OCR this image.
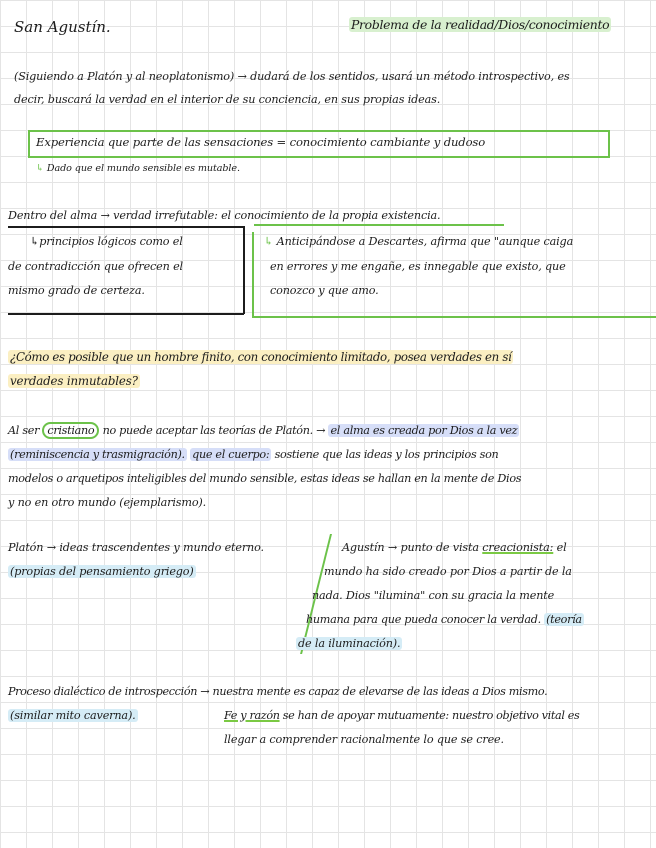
San Agustín.	Problema de la realidad/Dios/conocimiento
(Siguiendo a Platón y al neoplatonismo) → dudará de los sentidos, usará un método introspectivo, es
decir, buscará la verdad en el interior de su conciencia, en sus propias ideas.
Experiencia que parte de las sensaciones = conocimiento cambiante y dudoso
↳ Dado que el mundo sensible es mutable.
Dentro del alma → verdad irrefutable: el conocimiento de la propia existencia.
↳principios lógicos como el
de contradicción que ofrecen el
mismo grado de certeza.
↳ Anticipándose a Descartes, afirma que "aunque caiga
en errores y me engañe, es innegable que existo, que
conozco y que amo.
¿Cómo es posible que un hombre finito, con conocimiento limitado, posea verdades en sí
verdades inmutables?
Al ser cristiano no puede aceptar las teorías de Platón. → el alma es creada por Dios a la vez
(reminiscencia y trasmigración). que el cuerpo: sostiene que las ideas y los principios son
modelos o arquetipos inteligibles del mundo sensible, estas ideas se hallan en la mente de Dios
y no en otro mundo (ejemplarismo).
Platón → ideas trascendentes y mundo eterno.
(propias del pensamiento griego)
Agustín → punto de vista creacionista: el
mundo ha sido creado por Dios a partir de la
nada. Dios "ilumina" con su gracia la mente
humana para que pueda conocer la verdad. (teoría
de la iluminación).
Proceso dialéctico de introspección → nuestra mente es capaz de elevarse de las ideas a Dios mismo.
(similar mito caverna).	Fe y razón se han de apoyar mutuamente: nuestro objetivo vital es
llegar a comprender racionalmente lo que se cree.
